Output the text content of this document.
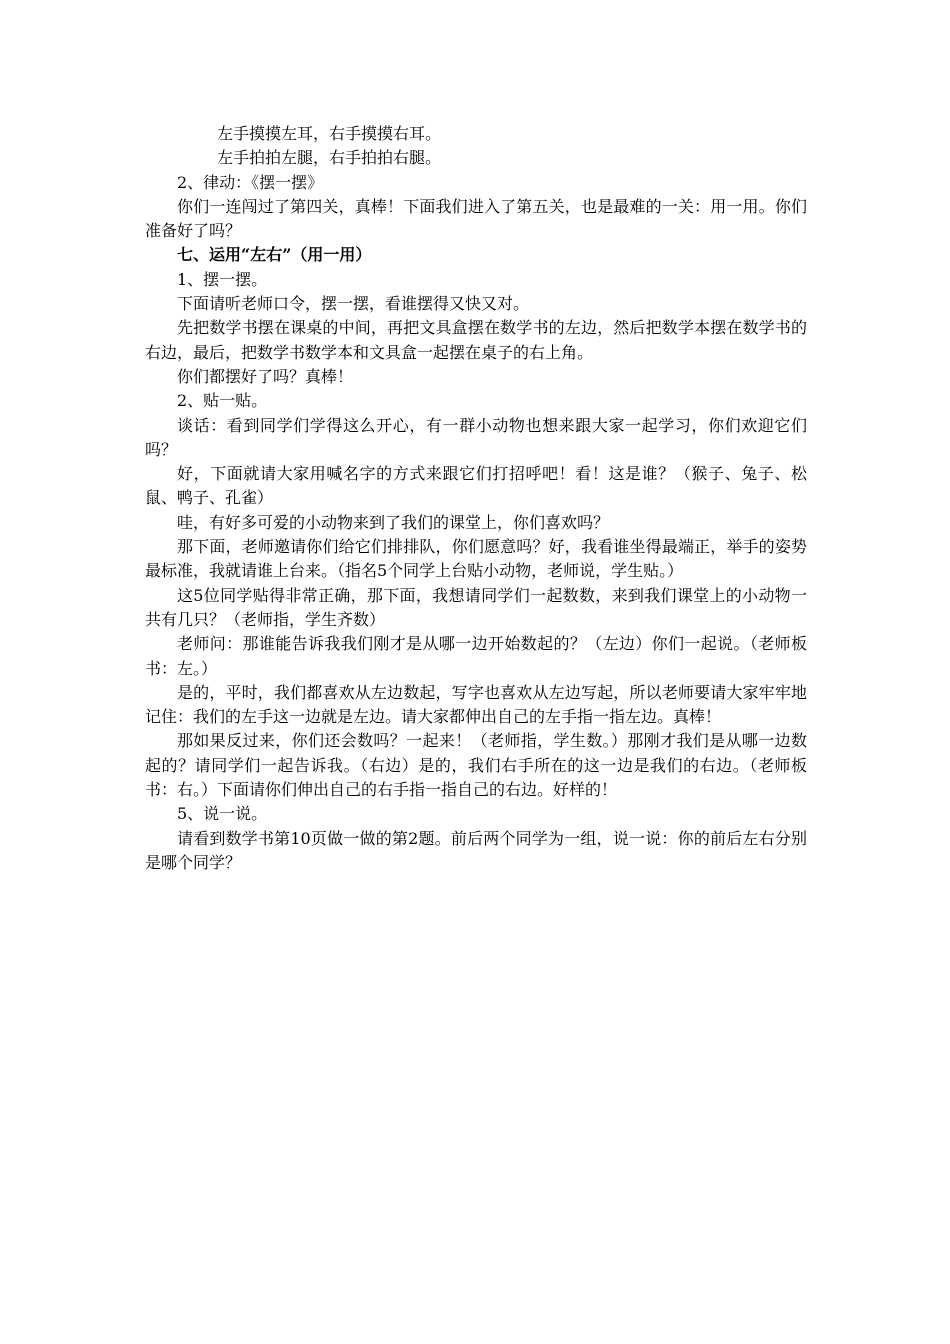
左手摸摸左耳，右手摸摸右耳。

左手拍拍左腿，右手拍拍右腿。

2、律动：《摆一摆》

你们一连闯过了第四关，真棒！下面我们进入了第五关，也是最难的一关：用一用。你们准备好了吗？

七、运用“左右”（用一用）

1、摆一摆。

下面请听老师口令，摆一摆，看谁摆得又快又对。

先把数学书摆在课桌的中间，再把文具盒摆在数学书的左边，然后把数学本摆在数学书的右边，最后，把数学书数学本和文具盒一起摆在桌子的右上角。

你们都摆好了吗？真棒！

2、贴一贴。

谈话：看到同学们学得这么开心，有一群小动物也想来跟大家一起学习，你们欢迎它们吗？

好，下面就请大家用喊名字的方式来跟它们打招呼吧！看！这是谁？（猴子、兔子、松鼠、鸭子、孔雀）

哇，有好多可爱的小动物来到了我们的课堂上，你们喜欢吗？

那下面，老师邀请你们给它们排排队，你们愿意吗？好，我看谁坐得最端正，举手的姿势最标准，我就请谁上台来。（指名5个同学上台贴小动物，老师说，学生贴。）

这5位同学贴得非常正确，那下面，我想请同学们一起数数，来到我们课堂上的小动物一共有几只？（老师指，学生齐数）

老师问：那谁能告诉我我们刚才是从哪一边开始数起的？（左边）你们一起说。（老师板书：左。）

是的，平时，我们都喜欢从左边数起，写字也喜欢从左边写起，所以老师要请大家牢牢地记住：我们的左手这一边就是左边。请大家都伸出自己的左手指一指左边。真棒！

那如果反过来，你们还会数吗？一起来！（老师指，学生数。）那刚才我们是从哪一边数起的？请同学们一起告诉我。（右边）是的，我们右手所在的这一边是我们的右边。（老师板书：右。）下面请你们伸出自己的右手指一指自己的右边。好样的！

5、说一说。

请看到数学书第10页做一做的第2题。前后两个同学为一组，说一说：你的前后左右分别是哪个同学？
